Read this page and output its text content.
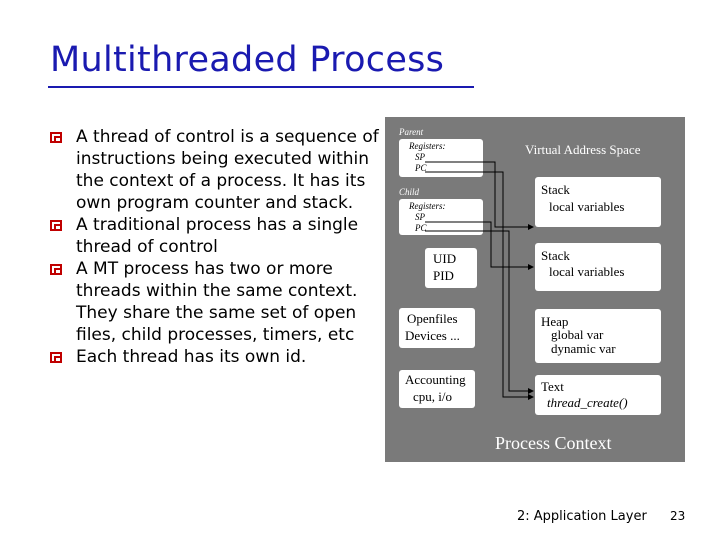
Multithreaded Process
A thread of control is a sequence of instructions being executed within the context of a process. It has its own program counter and stack.
A traditional process has a single thread of control
A MT process has two or more threads within the same context. They share the same set of open files, child processes, timers, etc
Each thread has its own id.
Parent
Virtual Address Space
Registers:
SP
PC
Child
Registers:
SP
PC
UID
PID
Openfiles
Devices ...
Accounting
cpu, i/o
Stack
local variables
Stack
local variables
Heap
global var
dynamic var
Text
thread_create()
Process Context
2: Application Layer 23
